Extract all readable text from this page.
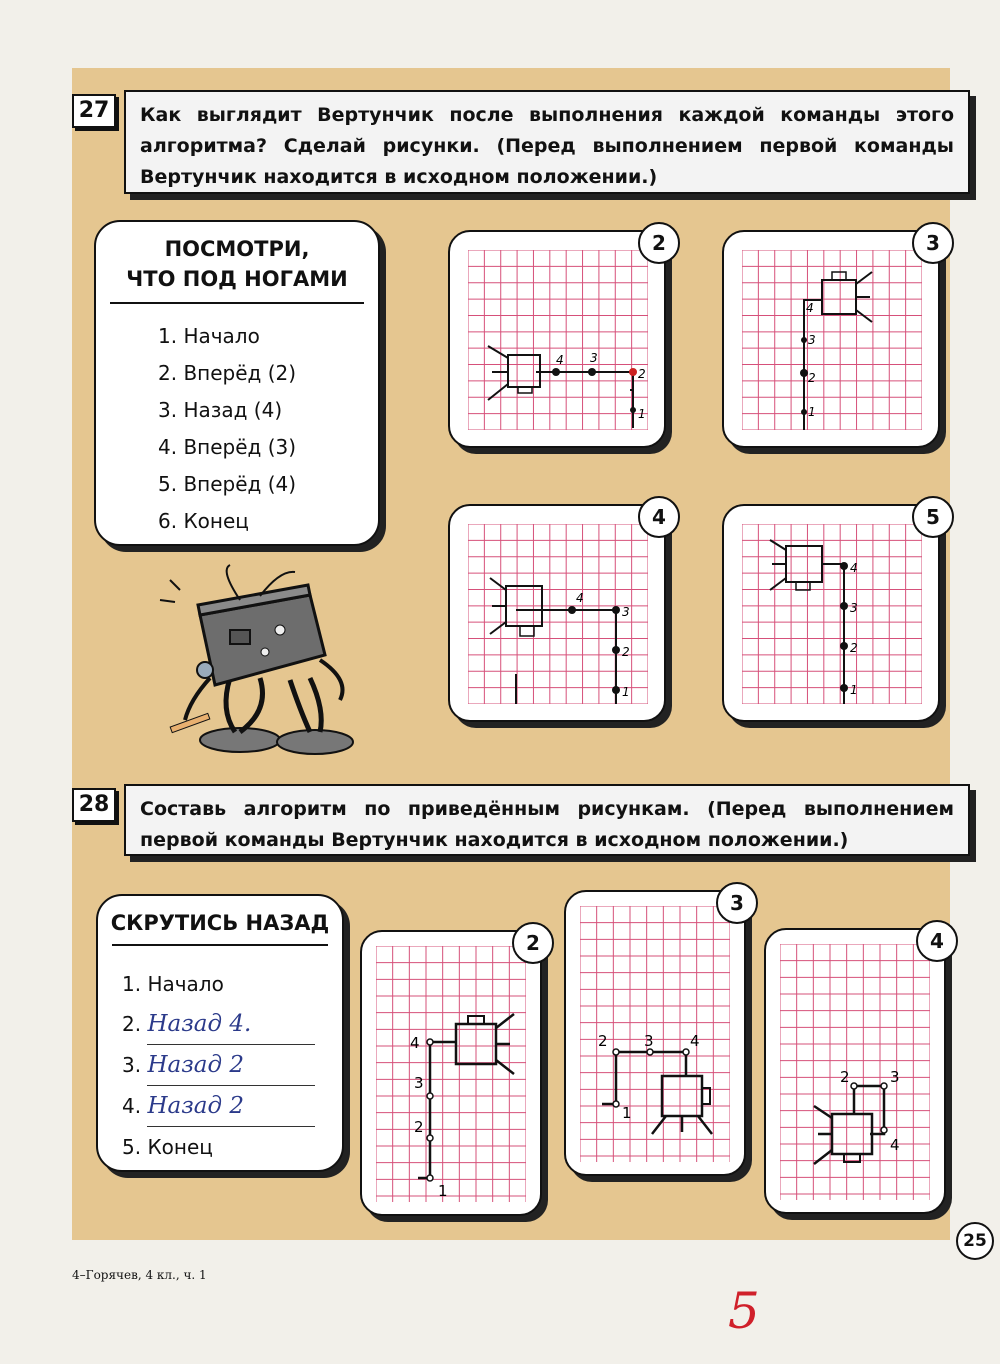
27	Как выглядит Вертунчик после выполнения каждой команды этого алгоритма? Сделай рисунки. (Перед выполнением первой команды Вертунчик находится в исходном положении.)
ПОСМОТРИ,
ЧТО ПОД НОГАМИ
1. Начало
2. Вперёд (2)
3. Назад (4)
4. Вперёд (3)
5. Вперёд (4)
6. Конец
4 3
2
1
2
4
3
2
1
3
4
3
2
1
4
4
3
2
1
5
28	Составь алгоритм по приведённым рисункам. (Перед выполнением первой команды Вертунчик находится в исходном положении.)
СКРУТИСЬ НАЗАД
1. Начало
2. Назад 4.
3. Назад 2
4. Назад 2
5. Конец
4
3
2
1
2
2 3 4
1
3
2	3
4
4
25
4–Горячев, 4 кл., ч. 1
5
